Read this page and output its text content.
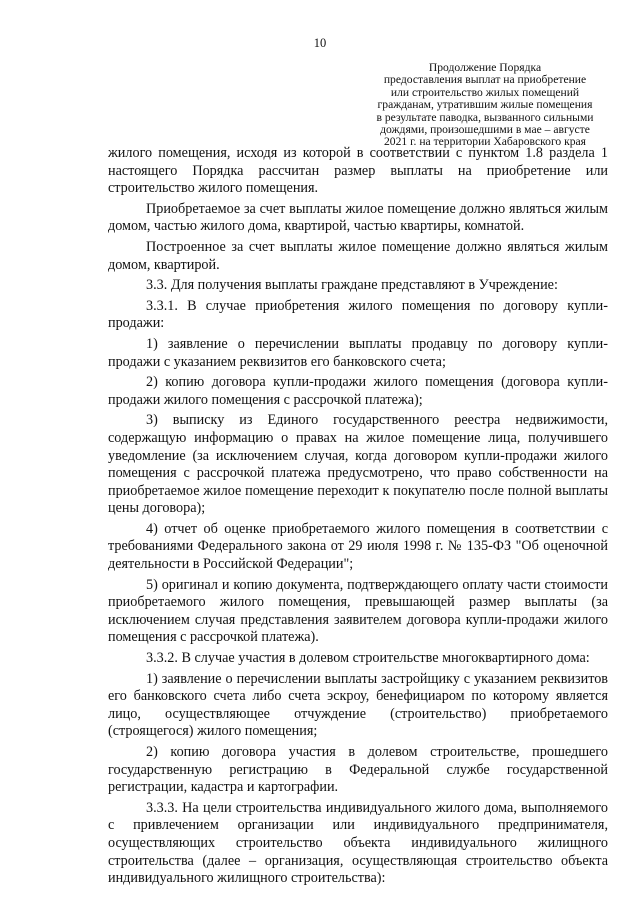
10
Продолжение Порядка
предоставления выплат на приобретение
или строительство жилых помещений
гражданам, утратившим жилые помещения
в результате паводка, вызванного сильными
дождями, произошедшими в мае – августе
2021 г. на территории Хабаровского края

жилого помещения, исходя из которой в соответствии с пунктом 1.8 раздела 1 настоящего Порядка рассчитан размер выплаты на приобретение или строительство жилого помещения.

Приобретаемое за счет выплаты жилое помещение должно являться жилым домом, частью жилого дома, квартирой, частью квартиры, комнатой.

Построенное за счет выплаты жилое помещение должно являться жилым домом, квартирой.

3.3. Для получения выплаты граждане представляют в Учреждение:

3.3.1. В случае приобретения жилого помещения по договору купли-продажи:

1) заявление о перечислении выплаты продавцу по договору купли-продажи с указанием реквизитов его банковского счета;

2) копию договора купли-продажи жилого помещения (договора купли-продажи жилого помещения с рассрочкой платежа);

3) выписку из Единого государственного реестра недвижимости, содержащую информацию о правах на жилое помещение лица, получившего уведомление (за исключением случая, когда договором купли-продажи жилого помещения с рассрочкой платежа предусмотрено, что право собственности на приобретаемое жилое помещение переходит к покупателю после полной выплаты цены договора);

4) отчет об оценке приобретаемого жилого помещения в соответствии с требованиями Федерального закона от 29 июля 1998 г. № 135-ФЗ "Об оценочной деятельности в Российской Федерации";

5) оригинал и копию документа, подтверждающего оплату части стоимости приобретаемого жилого помещения, превышающей размер выплаты (за исключением случая представления заявителем договора купли-продажи жилого помещения с рассрочкой платежа).

3.3.2. В случае участия в долевом строительстве многоквартирного дома:

1) заявление о перечислении выплаты застройщику с указанием реквизитов его банковского счета либо счета эскроу, бенефициаром по которому является лицо, осуществляющее отчуждение (строительство) приобретаемого (строящегося) жилого помещения;

2) копию договора участия в долевом строительстве, прошедшего государственную регистрацию в Федеральной службе государственной регистрации, кадастра и картографии.

3.3.3. На цели строительства индивидуального жилого дома, выполняемого с привлечением организации или индивидуального предпринимателя, осуществляющих строительство объекта индивидуального жилищного строительства (далее – организация, осуществляющая строительство объекта индивидуального жилищного строительства):
